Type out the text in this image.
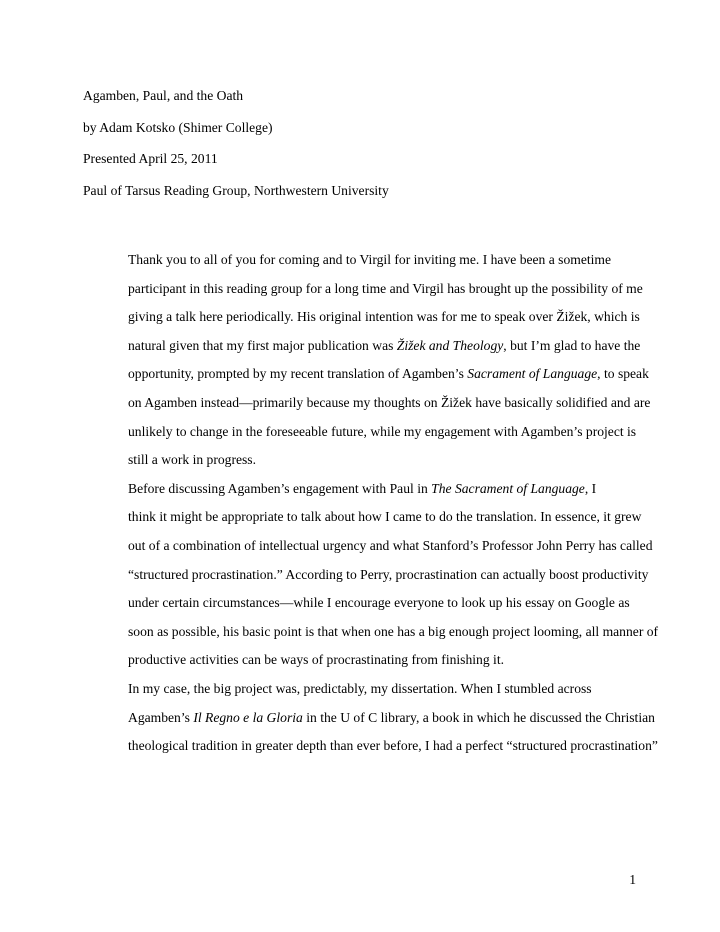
Agamben, Paul, and the Oath

by Adam Kotsko (Shimer College)

Presented April 25, 2011

Paul of Tarsus Reading Group, Northwestern University

Thank you to all of you for coming and to Virgil for inviting me. I have been a sometime
participant in this reading group for a long time and Virgil has brought up the possibility of me
giving a talk here periodically. His original intention was for me to speak over Žižek, which is
natural given that my first major publication was Žižek and Theology, but I’m glad to have the
opportunity, prompted by my recent translation of Agamben’s Sacrament of Language, to speak
on Agamben instead—primarily because my thoughts on Žižek have basically solidified and are
unlikely to change in the foreseeable future, while my engagement with Agamben’s project is
still a work in progress.

Before discussing Agamben’s engagement with Paul in The Sacrament of Language, I
think it might be appropriate to talk about how I came to do the translation. In essence, it grew
out of a combination of intellectual urgency and what Stanford’s Professor John Perry has called
“structured procrastination.” According to Perry, procrastination can actually boost productivity
under certain circumstances—while I encourage everyone to look up his essay on Google as
soon as possible, his basic point is that when one has a big enough project looming, all manner of
productive activities can be ways of procrastinating from finishing it.

In my case, the big project was, predictably, my dissertation. When I stumbled across
Agamben’s Il Regno e la Gloria in the U of C library, a book in which he discussed the Christian
theological tradition in greater depth than ever before, I had a perfect “structured procrastination”

1
